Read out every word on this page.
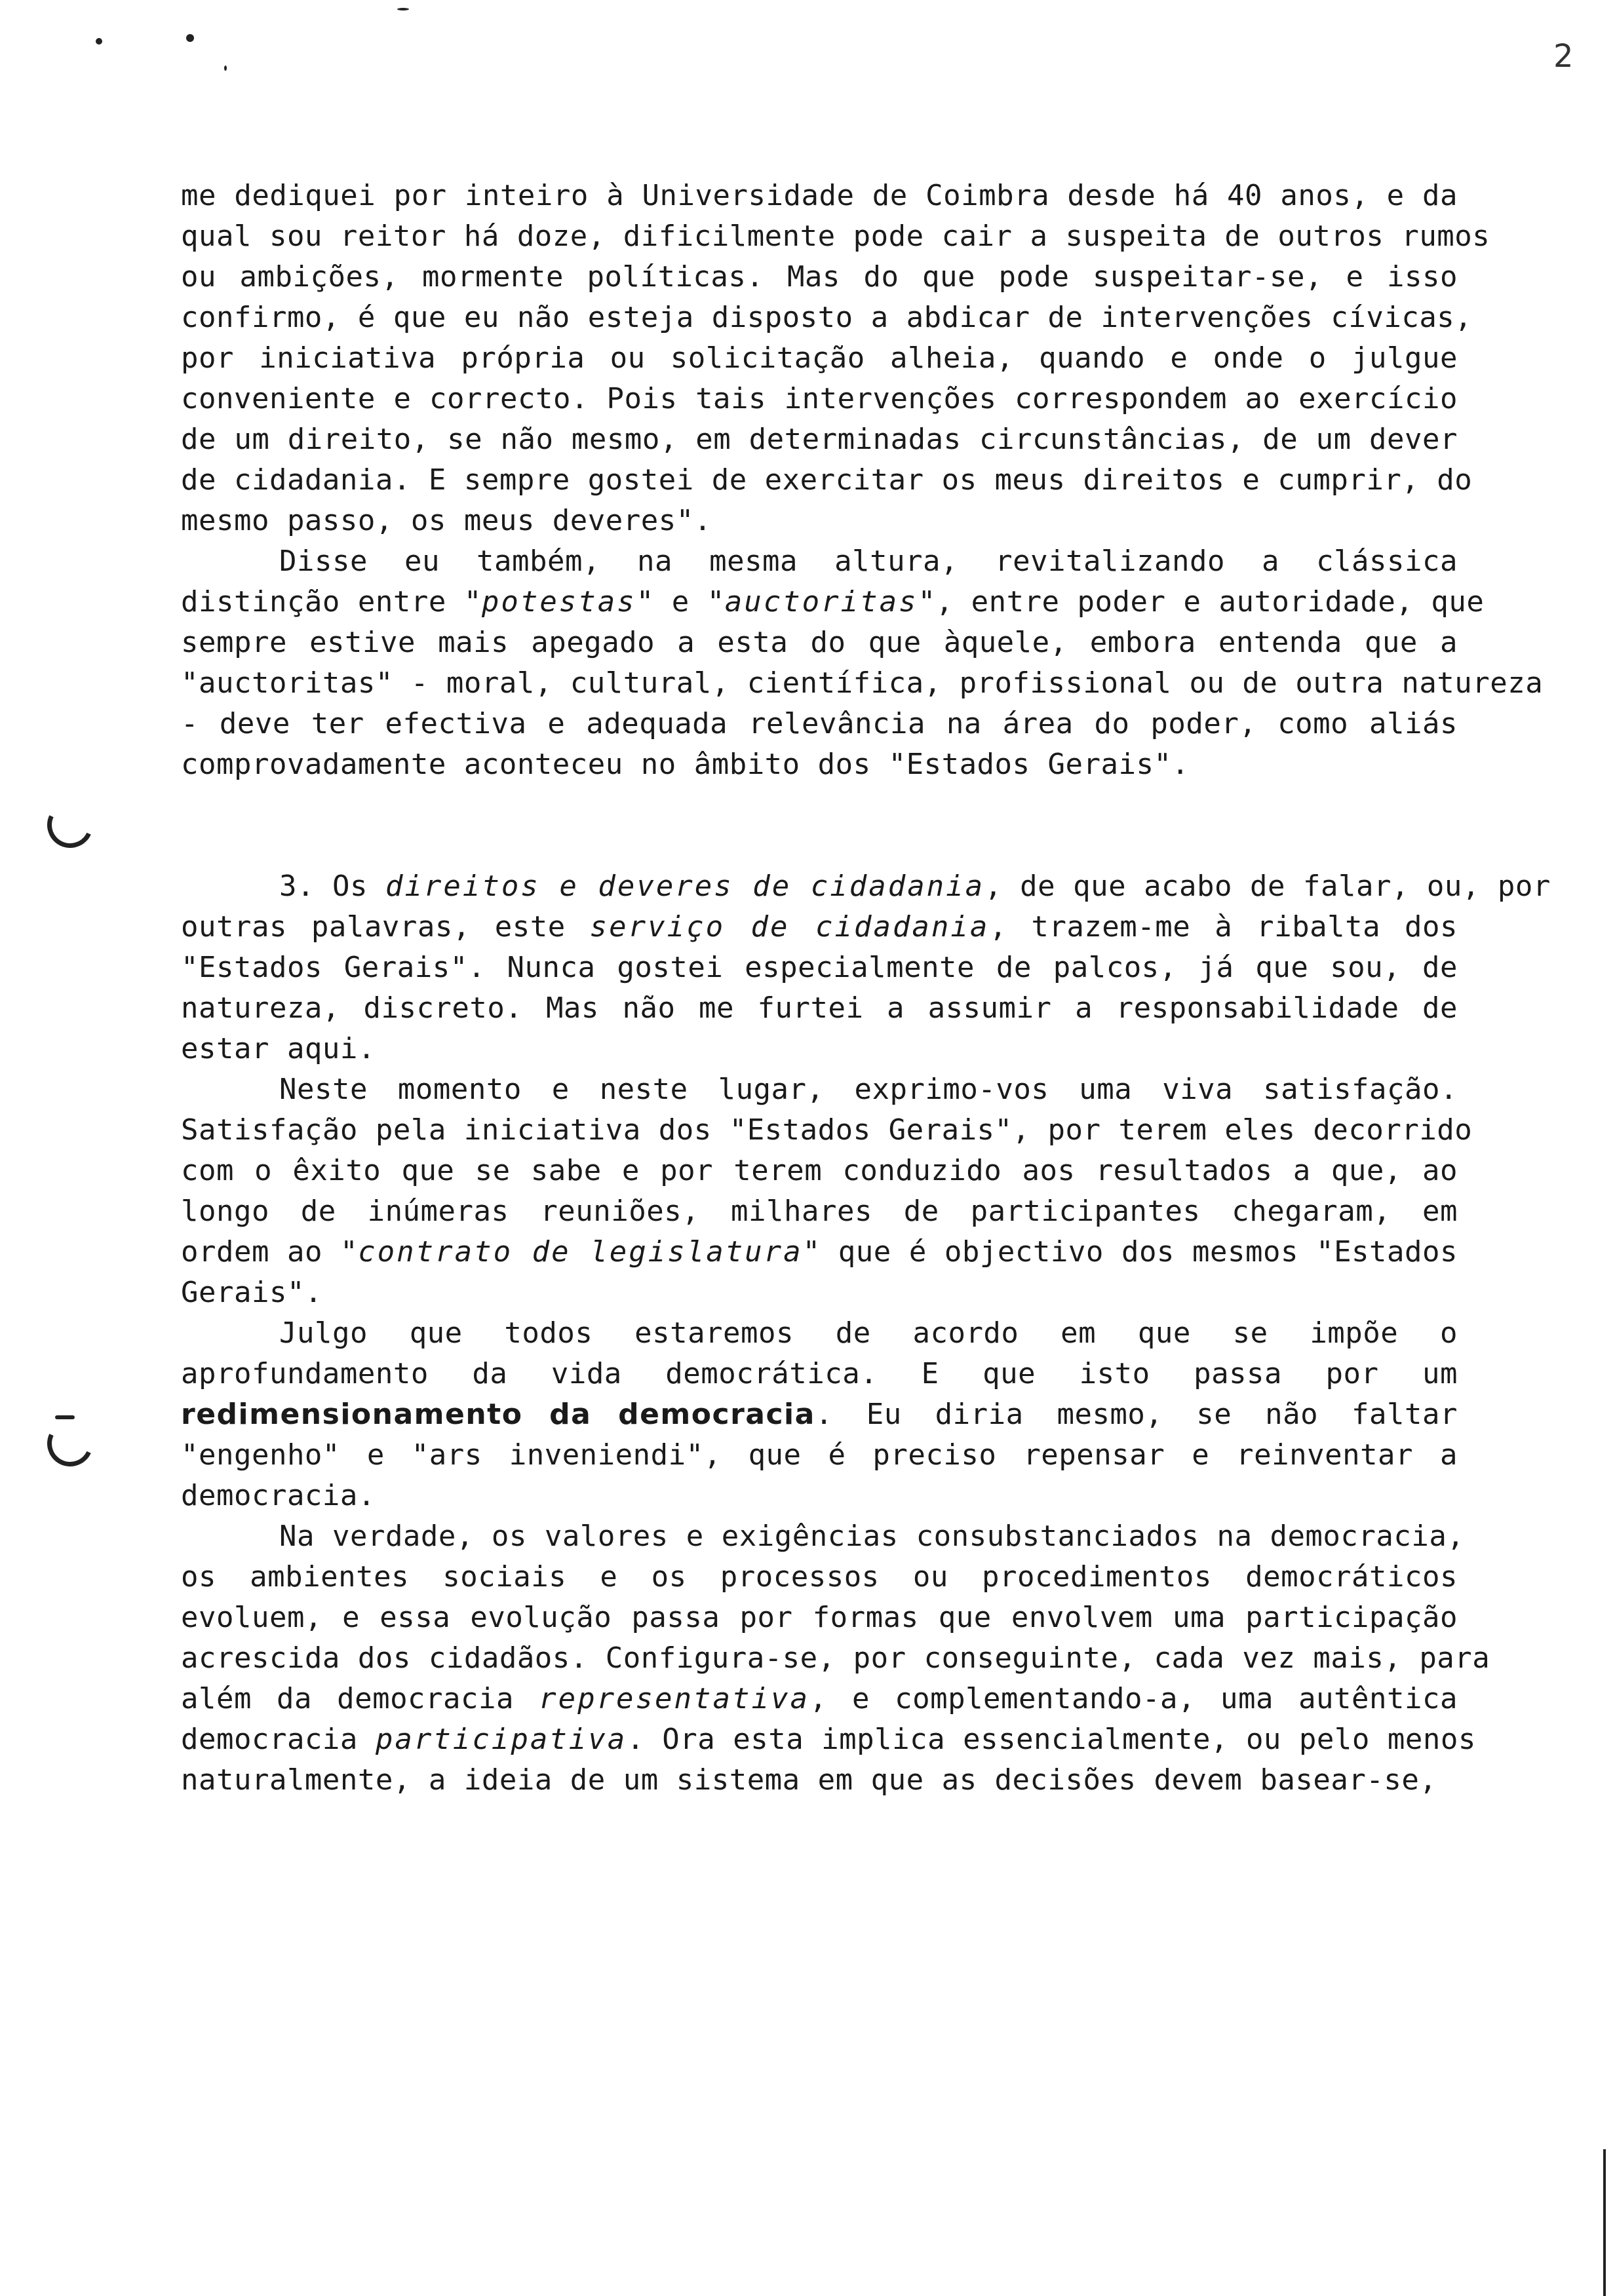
2
me dediquei por inteiro à Universidade de Coimbra desde há 40 anos, e da
qual sou reitor há doze, dificilmente pode cair a suspeita de outros rumos
ou ambições, mormente políticas. Mas do que pode suspeitar-se, e isso
confirmo, é que eu não esteja disposto a abdicar de intervenções cívicas,
por iniciativa própria ou solicitação alheia, quando e onde o julgue
conveniente e correcto. Pois tais intervenções correspondem ao exercício
de um direito, se não mesmo, em determinadas circunstâncias, de um dever
de cidadania. E sempre gostei de exercitar os meus direitos e cumprir, do
mesmo passo, os meus deveres".
Disse eu também, na mesma altura, revitalizando a clássica
distinção entre "potestas" e "auctoritas", entre poder e autoridade, que
sempre estive mais apegado a esta do que àquele, embora entenda que a
"auctoritas" - moral, cultural, científica, profissional ou de outra natureza
- deve ter efectiva e adequada relevância na área do poder, como aliás
comprovadamente aconteceu no âmbito dos "Estados Gerais".
3. Os direitos e deveres de cidadania, de que acabo de falar, ou, por
outras palavras, este serviço de cidadania, trazem-me à ribalta dos
"Estados Gerais". Nunca gostei especialmente de palcos, já que sou, de
natureza, discreto. Mas não me furtei a assumir a responsabilidade de
estar aqui.
Neste momento e neste lugar, exprimo-vos uma viva satisfação.
Satisfação pela iniciativa dos "Estados Gerais", por terem eles decorrido
com o êxito que se sabe e por terem conduzido aos resultados a que, ao
longo de inúmeras reuniões, milhares de participantes chegaram, em
ordem ao "contrato de legislatura" que é objectivo dos mesmos "Estados
Gerais".
Julgo que todos estaremos de acordo em que se impõe o
aprofundamento da vida democrática. E que isto passa por um
redimensionamento da democracia. Eu diria mesmo, se não faltar
"engenho" e "ars inveniendi", que é preciso repensar e reinventar a
democracia.
Na verdade, os valores e exigências consubstanciados na democracia,
os ambientes sociais e os processos ou procedimentos democráticos
evoluem, e essa evolução passa por formas que envolvem uma participação
acrescida dos cidadãos. Configura-se, por conseguinte, cada vez mais, para
além da democracia representativa, e complementando-a, uma autêntica
democracia participativa. Ora esta implica essencialmente, ou pelo menos
naturalmente, a ideia de um sistema em que as decisões devem basear-se,
